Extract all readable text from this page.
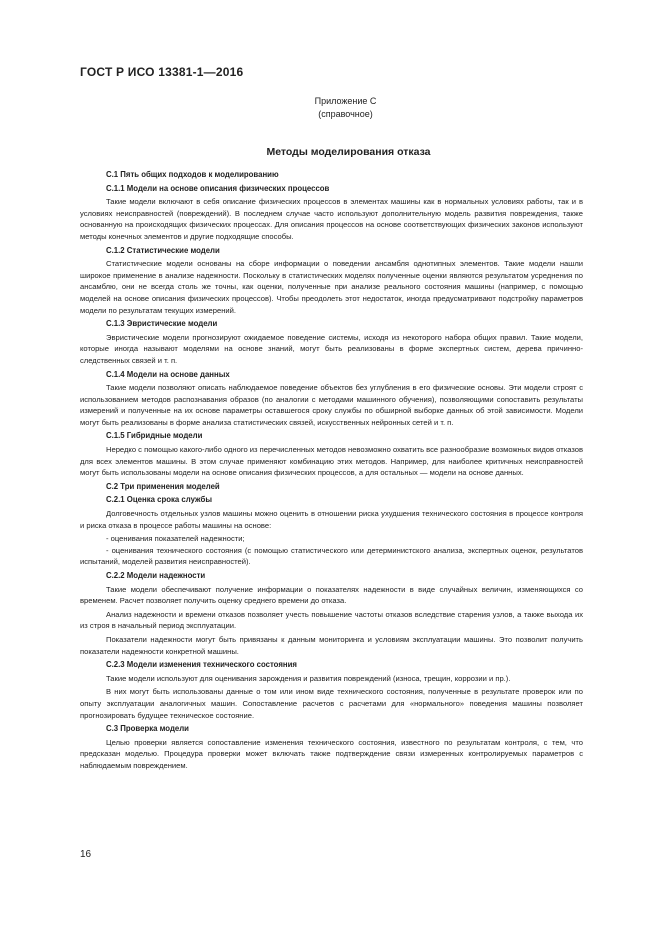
ГОСТ Р ИСО 13381-1—2016
Приложение C
(справочное)
Методы моделирования отказа
C.1 Пять общих подходов к моделированию
C.1.1 Модели на основе описания физических процессов
Такие модели включают в себя описание физических процессов в элементах машины как в нормальных условиях работы, так и в условиях неисправностей (повреждений). В последнем случае часто используют дополнительную модель развития повреждения, также основанную на происходящих физических процессах. Для описания процессов на основе соответствующих физических законов используют методы конечных элементов и другие подходящие способы.
C.1.2 Статистические модели
Статистические модели основаны на сборе информации о поведении ансамбля однотипных элементов. Такие модели нашли широкое применение в анализе надежности. Поскольку в статистических моделях полученные оценки являются результатом усреднения по ансамблю, они не всегда столь же точны, как оценки, полученные при анализе реального состояния машины (например, с помощью моделей на основе описания физических процессов). Чтобы преодолеть этот недостаток, иногда предусматривают подстройку параметров модели по результатам текущих измерений.
C.1.3 Эвристические модели
Эвристические модели прогнозируют ожидаемое поведение системы, исходя из некоторого набора общих правил. Такие модели, которые иногда называют моделями на основе знаний, могут быть реализованы в форме экспертных систем, дерева причинно-следственных связей и т. п.
C.1.4 Модели на основе данных
Такие модели позволяют описать наблюдаемое поведение объектов без углубления в его физические основы. Эти модели строят с использованием методов распознавания образов (по аналогии с методами машинного обучения), позволяющими сопоставить результаты измерений и полученные на их основе параметры оставшегося сроку службы по обширной выборке данных об этой зависимости. Модели могут быть реализованы в форме анализа статистических связей, искусственных нейронных сетей и т. п.
C.1.5 Гибридные модели
Нередко с помощью какого-либо одного из перечисленных методов невозможно охватить все разнообразие возможных видов отказов для всех элементов машины. В этом случае применяют комбинацию этих методов. Например, для наиболее критичных неисправностей могут быть использованы модели на основе описания физических процессов, а для остальных — модели на основе данных.
C.2 Три применения моделей
C.2.1 Оценка срока службы
Долговечность отдельных узлов машины можно оценить в отношении риска ухудшения технического состояния в процессе контроля и риска отказа в процессе работы машины на основе:
- оценивания показателей надежности;
- оценивания технического состояния (с помощью статистического или детерминистского анализа, экспертных оценок, результатов испытаний, моделей развития неисправностей).
C.2.2 Модели надежности
Такие модели обеспечивают получение информации о показателях надежности в виде случайных величин, изменяющихся со временем. Расчет позволяет получить оценку среднего времени до отказа.
Анализ надежности и времени отказов позволяет учесть повышение частоты отказов вследствие старения узлов, а также выхода их из строя в начальный период эксплуатации.
Показатели надежности могут быть привязаны к данным мониторинга и условиям эксплуатации машины. Это позволит получить показатели надежности конкретной машины.
C.2.3 Модели изменения технического состояния
Такие модели используют для оценивания зарождения и развития повреждений (износа, трещин, коррозии и пр.).
В них могут быть использованы данные о том или ином виде технического состояния, полученные в результате проверок или по опыту эксплуатации аналогичных машин. Сопоставление расчетов с расчетами для «нормального» поведения машины позволяет прогнозировать будущее техническое состояние.
C.3 Проверка модели
Целью проверки является сопоставление изменения технического состояния, известного по результатам контроля, с тем, что предсказан моделью. Процедура проверки может включать также подтверждение связи измеренных контролируемых параметров с наблюдаемым повреждением.
16
